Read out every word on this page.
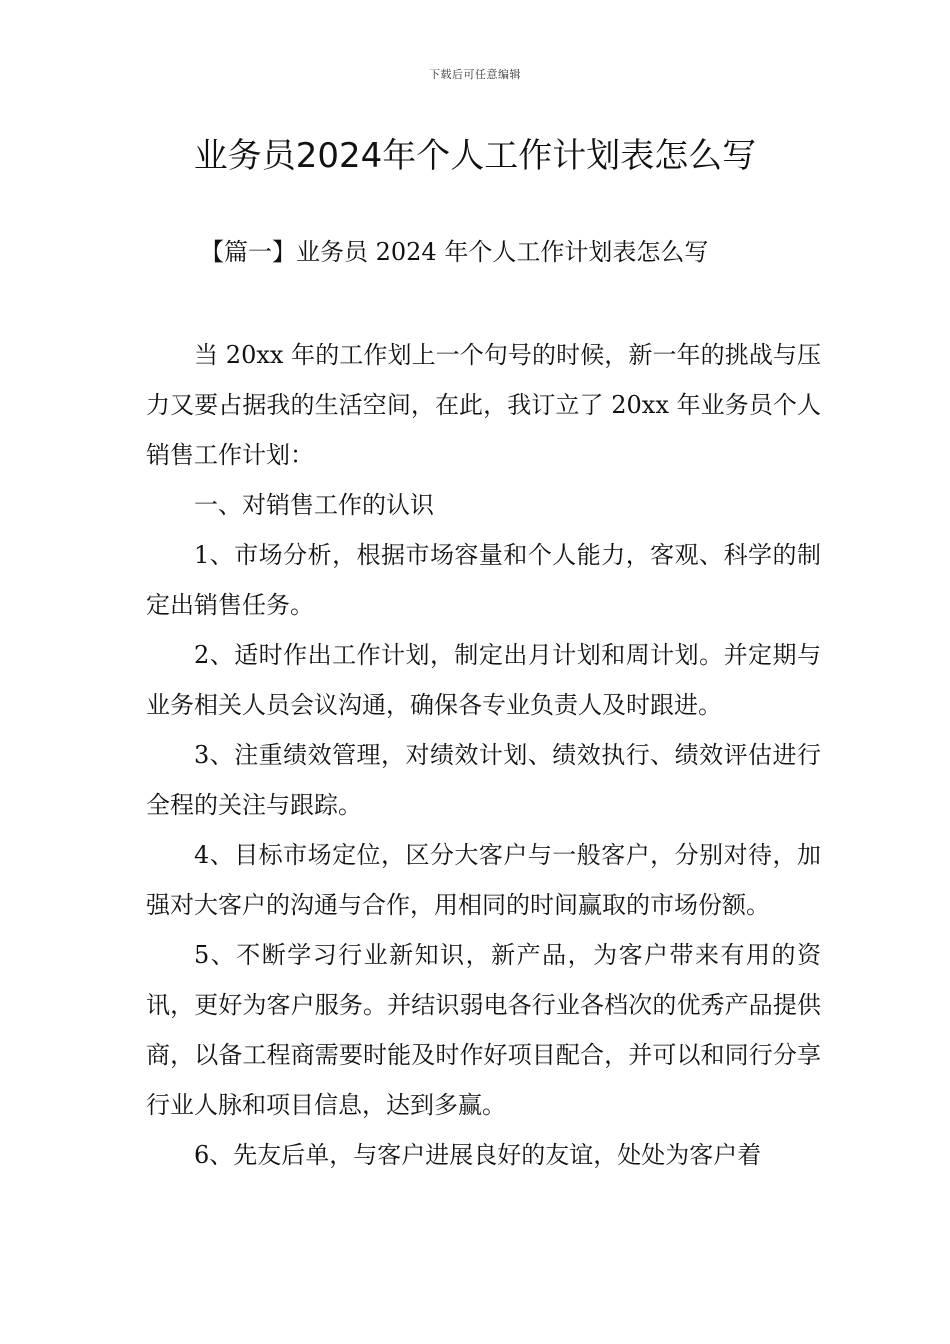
下载后可任意编辑
业务员2024年个人工作计划表怎么写
【篇一】业务员 2024 年个人工作计划表怎么写

当 20xx 年的工作划上一个句号的时候，新一年的挑战与压力又要占据我的生活空间，在此，我订立了 20xx 年业务员个人销售工作计划：

一、对销售工作的认识

1、市场分析，根据市场容量和个人能力，客观、科学的制定出销售任务。

2、适时作出工作计划，制定出月计划和周计划。并定期与业务相关人员会议沟通，确保各专业负责人及时跟进。

3、注重绩效管理，对绩效计划、绩效执行、绩效评估进行全程的关注与跟踪。

4、目标市场定位，区分大客户与一般客户，分别对待，加强对大客户的沟通与合作，用相同的时间赢取的市场份额。

5、不断学习行业新知识，新产品，为客户带来有用的资讯，更好为客户服务。并结识弱电各行业各档次的优秀产品提供商，以备工程商需要时能及时作好项目配合，并可以和同行分享行业人脉和项目信息，达到多赢。

6、先友后单，与客户进展良好的友谊，处处为客户着
